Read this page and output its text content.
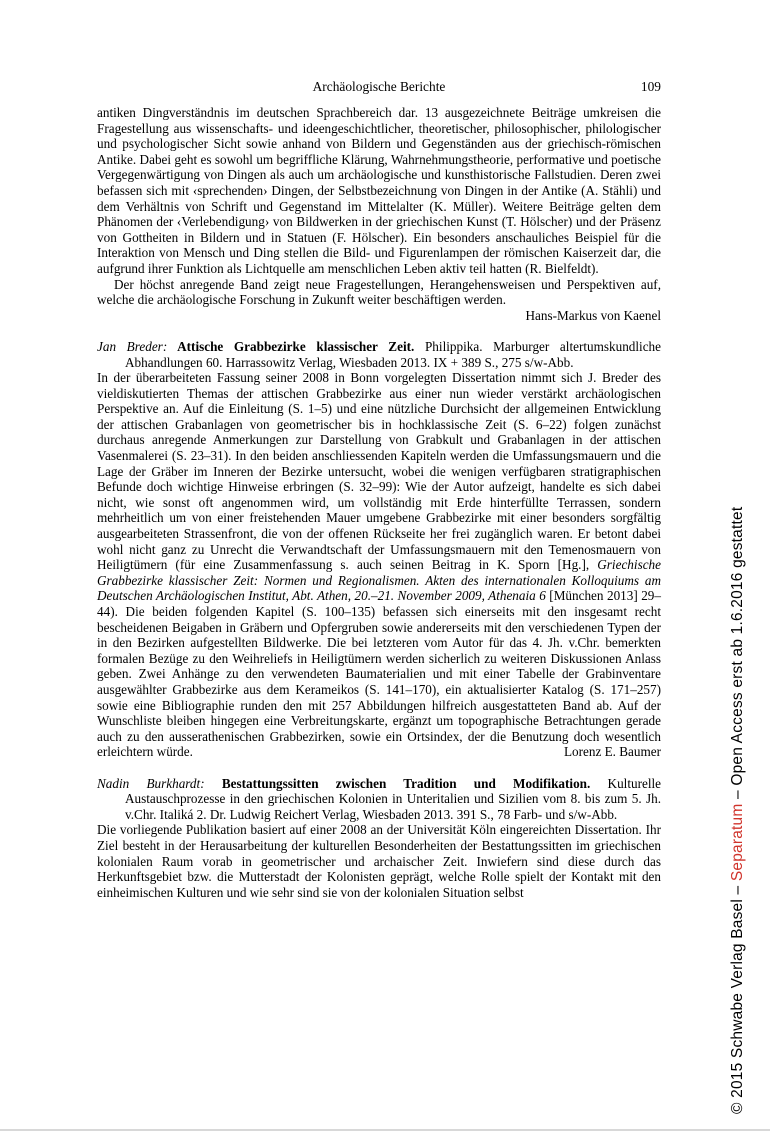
Archäologische Berichte	109

antiken Dingverständnis im deutschen Sprachbereich dar. 13 ausgezeichnete Beiträge umkreisen die Fragestellung aus wissenschafts- und ideengeschichtlicher, theoretischer, philosophischer, philologischer und psychologischer Sicht sowie anhand von Bildern und Gegenständen aus der griechisch-römischen Antike. Dabei geht es sowohl um begriffliche Klärung, Wahrnehmungstheorie, performative und poetische Vergegenwärtigung von Dingen als auch um archäologische und kunsthistorische Fallstudien. Deren zwei befassen sich mit ‹sprechenden› Dingen, der Selbstbezeichnung von Dingen in der Antike (A. Stähli) und dem Verhältnis von Schrift und Gegenstand im Mittelalter (K. Müller). Weitere Beiträge gelten dem Phänomen der ‹Verlebendigung› von Bildwerken in der griechischen Kunst (T. Hölscher) und der Präsenz von Gottheiten in Bildern und in Statuen (F. Hölscher). Ein besonders anschauliches Beispiel für die Interaktion von Mensch und Ding stellen die Bild- und Figurenlampen der römischen Kaiserzeit dar, die aufgrund ihrer Funktion als Lichtquelle am menschlichen Leben aktiv teil hatten (R. Bielfeldt).

Der höchst anregende Band zeigt neue Fragestellungen, Herangehensweisen und Perspektiven auf, welche die archäologische Forschung in Zukunft weiter beschäftigen werden.

Hans-Markus von Kaenel

Jan Breder: Attische Grabbezirke klassischer Zeit. Philippika. Marburger altertumskundliche Abhandlungen 60. Harrassowitz Verlag, Wiesbaden 2013. IX + 389 S., 275 s/w-Abb.

In der überarbeiteten Fassung seiner 2008 in Bonn vorgelegten Dissertation nimmt sich J. Breder des vieldiskutierten Themas der attischen Grabbezirke aus einer nun wieder verstärkt archäologischen Perspektive an. Auf die Einleitung (S. 1–5) und eine nützliche Durchsicht der allgemeinen Entwicklung der attischen Grabanlagen von geometrischer bis in hochklassische Zeit (S. 6–22) folgen zunächst durchaus anregende Anmerkungen zur Darstellung von Grabkult und Grabanlagen in der attischen Vasenmalerei (S. 23–31). In den beiden anschliessenden Kapiteln werden die Umfassungsmauern und die Lage der Gräber im Inneren der Bezirke untersucht, wobei die wenigen verfügbaren stratigraphischen Befunde doch wichtige Hinweise erbringen (S. 32–99): Wie der Autor aufzeigt, handelte es sich dabei nicht, wie sonst oft angenommen wird, um vollständig mit Erde hinterfüllte Terrassen, sondern mehrheitlich um von einer freistehenden Mauer umgebene Grabbezirke mit einer besonders sorgfältig ausgearbeiteten Strassenfront, die von der offenen Rückseite her frei zugänglich waren. Er betont dabei wohl nicht ganz zu Unrecht die Verwandtschaft der Umfassungsmauern mit den Temenosmauern von Heiligtümern (für eine Zusammenfassung s. auch seinen Beitrag in K. Sporn [Hg.], Griechische Grabbezirke klassischer Zeit: Normen und Regionalismen. Akten des internationalen Kolloquiums am Deutschen Archäologischen Institut, Abt. Athen, 20.–21. November 2009, Athenaia 6 [München 2013] 29–44). Die beiden folgenden Kapitel (S. 100–135) befassen sich einerseits mit den insgesamt recht bescheidenen Beigaben in Gräbern und Opfergruben sowie andererseits mit den verschiedenen Typen der in den Bezirken aufgestellten Bildwerke. Die bei letzteren vom Autor für das 4. Jh. v.Chr. bemerkten formalen Bezüge zu den Weihreliefs in Heiligtümern werden sicherlich zu weiteren Diskussionen Anlass geben. Zwei Anhänge zu den verwendeten Baumaterialien und mit einer Tabelle der Grabinventare ausgewählter Grabbezirke aus dem Kerameikos (S. 141–170), ein aktualisierter Katalog (S. 171–257) sowie eine Bibliographie runden den mit 257 Abbildungen hilfreich ausgestatteten Band ab. Auf der Wunschliste bleiben hingegen eine Verbreitungskarte, ergänzt um topographische Betrachtungen gerade auch zu den ausserathenischen Grabbezirken, sowie ein Ortsindex, der die Benutzung doch wesentlich erleichtern würde.	Lorenz E. Baumer

Nadin Burkhardt: Bestattungssitten zwischen Tradition und Modifikation. Kulturelle Austauschprozesse in den griechischen Kolonien in Unteritalien und Sizilien vom 8. bis zum 5. Jh. v.Chr. Italiká 2. Dr. Ludwig Reichert Verlag, Wiesbaden 2013. 391 S., 78 Farb- und s/w-Abb.

Die vorliegende Publikation basiert auf einer 2008 an der Universität Köln eingereichten Dissertation. Ihr Ziel besteht in der Herausarbeitung der kulturellen Besonderheiten der Bestattungssitten im griechischen kolonialen Raum vorab in geometrischer und archaischer Zeit. Inwiefern sind diese durch das Herkunftsgebiet bzw. die Mutterstadt der Kolonisten geprägt, welche Rolle spielt der Kontakt mit den einheimischen Kulturen und wie sehr sind sie von der kolonialen Situation selbst	© 2015 Schwabe Verlag Basel – Separatum – Open Access erst ab 1.6.2016 gestattet
